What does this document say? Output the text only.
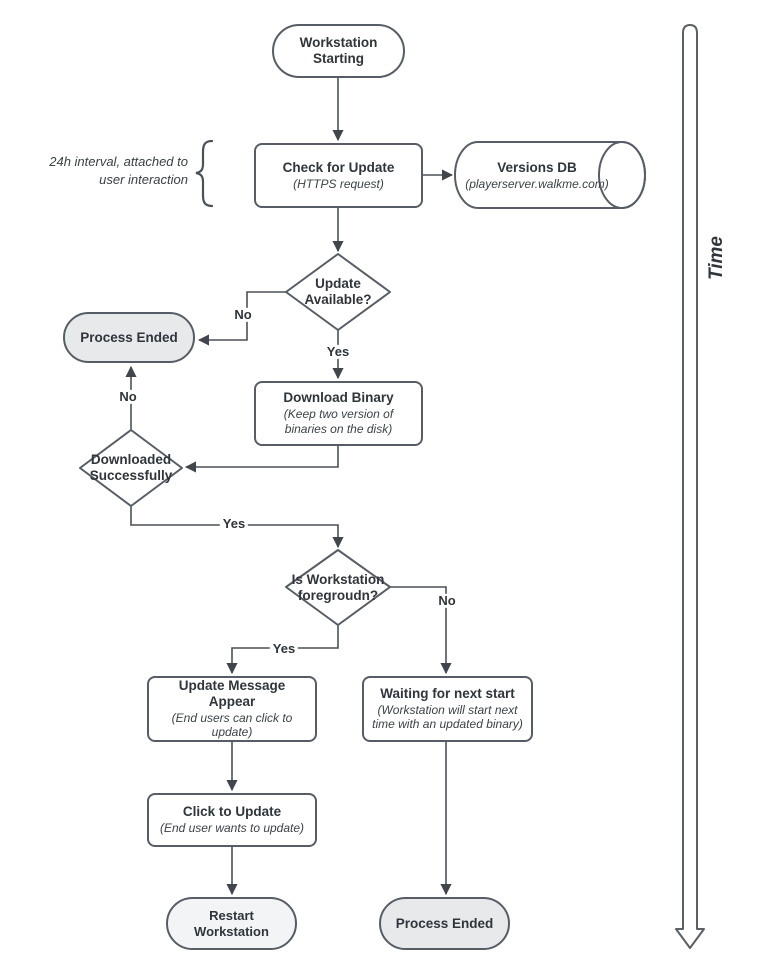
Workstation Starting
Check for Update
(HTTPS request)
Versions DB
(playerserver.walkme.com)
Update Available?
Process Ended
Download Binary
(Keep two version of binaries on the disk)
Downloaded Successfully
Is Workstation foregroudn?
Update Message Appear
(End users can click to update)
Waiting for next start
(Workstation will start next time with an updated binary)
Click to Update
(End user wants to update)
Restart Workstation
Process Ended
No
Yes
No
Yes
No
Yes
24h interval, attached to user interaction
Time
